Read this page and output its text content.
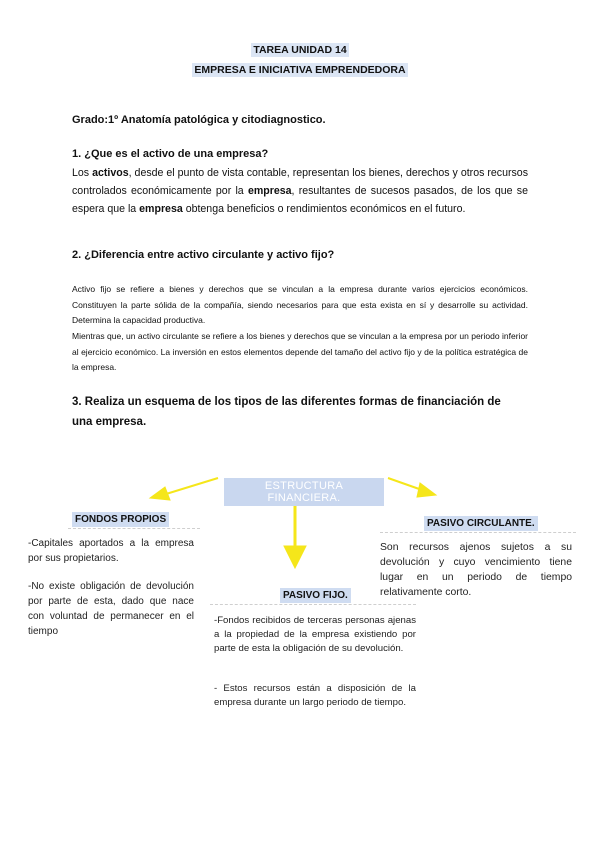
TAREA UNIDAD 14
EMPRESA E INICIATIVA EMPRENDEDORA
Grado:1º Anatomía patológica y citodiagnostico.
1. ¿Que es el activo de una empresa?
Los activos, desde el punto de vista contable, representan los bienes, derechos y otros recursos controlados económicamente por la empresa, resultantes de sucesos pasados, de los que se espera que la empresa obtenga beneficios o rendimientos económicos en el futuro.
2. ¿Diferencia entre activo circulante y activo fijo?
Activo fijo se refiere a bienes y derechos que se vinculan a la empresa durante varios ejercicios económicos. Constituyen la parte sólida de la compañía, siendo necesarios para que esta exista en sí y desarrolle su actividad. Determina la capacidad productiva.
Mientras que, un activo circulante se refiere a los bienes y derechos que se vinculan a la empresa por un periodo inferior al ejercicio económico. La inversión en estos elementos depende del tamaño del activo fijo y de la política estratégica de la empresa.
3. Realiza un esquema de los tipos de las diferentes formas de financiación de una empresa.
ESTRUCTURA FINANCIERA.
FONDOS PROPIOS
-Capitales aportados a la empresa por sus propietarios.
-No existe obligación de devolución por parte de esta, dado que nace con voluntad de permanecer en el tiempo
PASIVO FIJO.
-Fondos recibidos de terceras personas ajenas a la propiedad de la empresa existiendo por parte de esta la obligación de su devolución.
- Estos recursos están a disposición de la empresa durante un largo periodo de tiempo.
PASIVO CIRCULANTE.
Son recursos ajenos sujetos a su devolución y cuyo vencimiento tiene lugar en un periodo de tiempo relativamente corto.
